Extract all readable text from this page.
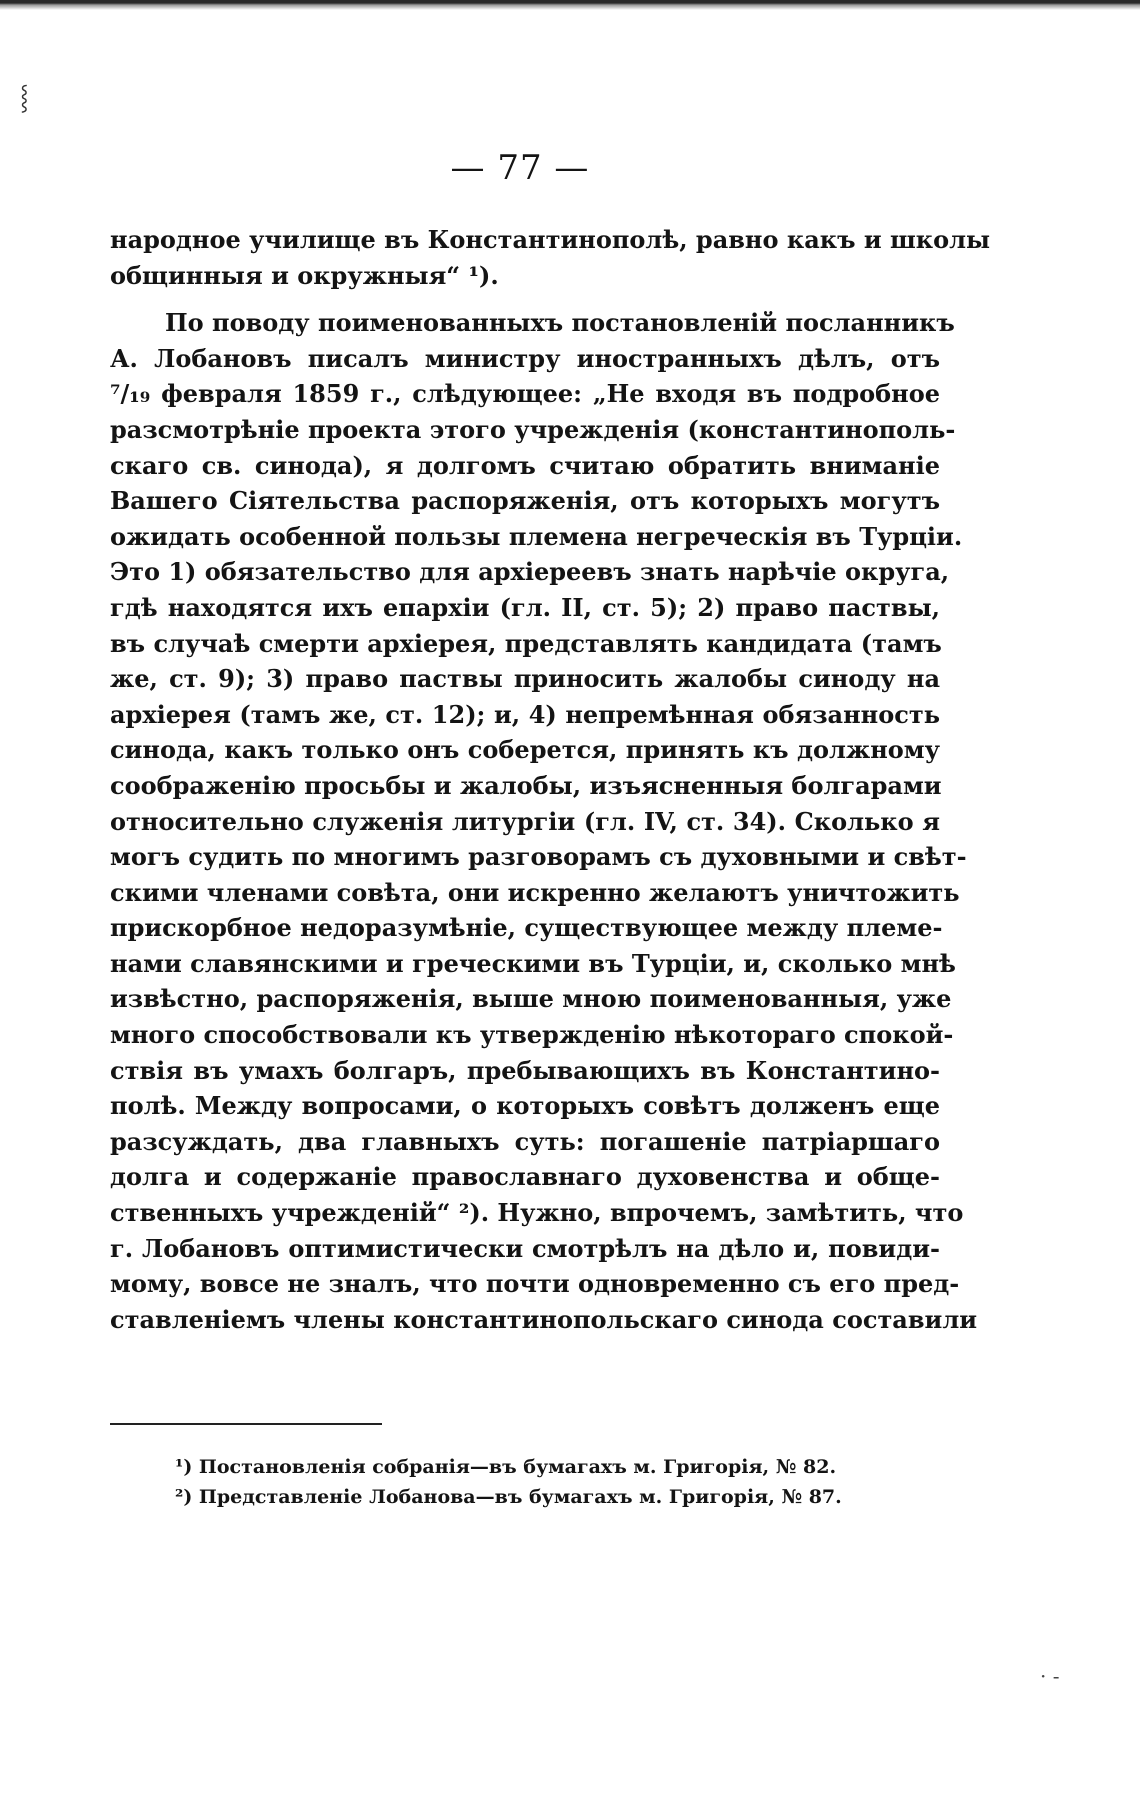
⸾
— 77 —
народное училище въ Константинополѣ, равно какъ и школы
общинныя и окружныя“ ¹).
По поводу поименованныхъ постановленій посланникъ
А. Лобановъ писалъ министру иностранныхъ дѣлъ, отъ
⁷/₁₉ февраля 1859 г., слѣдующее: „Не входя въ подробное
разсмотрѣніе проекта этого учрежденія (константинополь-
скаго св. синода), я долгомъ считаю обратить вниманіе
Вашего Сіятельства распоряженія, отъ которыхъ могутъ
ожидать особенной пользы племена негреческія въ Турціи.
Это 1) обязательство для архіереевъ знать нарѣчіе округа,
гдѣ находятся ихъ епархіи (гл. II, ст. 5); 2) право паствы,
въ случаѣ смерти архіерея, представлять кандидата (тамъ
же, ст. 9); 3) право паствы приносить жалобы синоду на
архіерея (тамъ же, ст. 12); и, 4) непремѣнная обязанность
синода, какъ только онъ соберется, принять къ должному
соображенію просьбы и жалобы, изъясненныя болгарами
относительно служенія литургіи (гл. IV, ст. 34). Сколько я
могъ судить по многимъ разговорамъ съ духовными и свѣт-
скими членами совѣта, они искренно желаютъ уничтожить
прискорбное недоразумѣніе, существующее между племе-
нами славянскими и греческими въ Турціи, и, сколько мнѣ
извѣстно, распоряженія, выше мною поименованныя, уже
много способствовали къ утвержденію нѣкотораго спокой-
ствія въ умахъ болгаръ, пребывающихъ въ Константино-
полѣ. Между вопросами, о которыхъ совѣтъ долженъ еще
разсуждать, два главныхъ суть: погашеніе патріаршаго
долга и содержаніе православнаго духовенства и обще-
ственныхъ учрежденій“ ²). Нужно, впрочемъ, замѣтить, что
г. Лобановъ оптимистически смотрѣлъ на дѣло и, повиди-
мому, вовсе не зналъ, что почти одновременно съ его пред-
ставленіемъ члены константинопольскаго синода составили
¹) Постановленія собранія—въ бумагахъ м. Григорія, № 82.
²) Представленіе Лобанова—въ бумагахъ м. Григорія, № 87.
· -
